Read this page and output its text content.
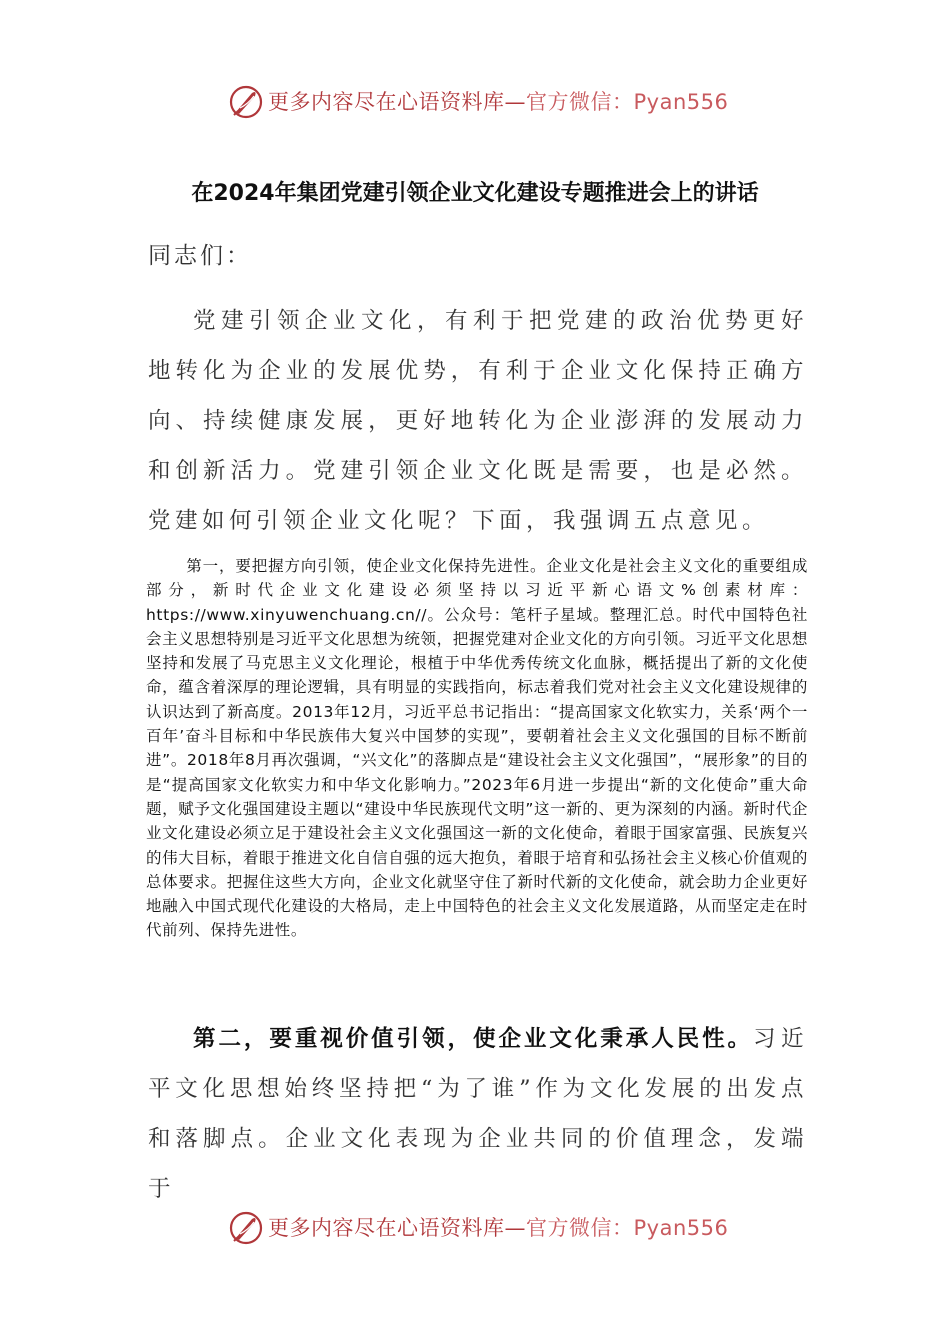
更多内容尽在心语资料库—官方微信：Pyan556
在2024年集团党建引领企业文化建设专题推进会上的讲话
同志们：

党建引领企业文化，有利于把党建的政治优势更好地转化为企业的发展优势，有利于企业文化保持正确方向、持续健康发展，更好地转化为企业澎湃的发展动力和创新活力。党建引领企业文化既是需要，也是必然。党建如何引领企业文化呢？下面，我强调五点意见。

第一，要把握方向引领，使企业文化保持先进性。企业文化是社会主义文化的重要组成部分，新时代企业文化建设必须坚持以习近平新心语文%创素材库：https://www.xinyuwenchuang.cn//。公众号：笔杆子星域。整理汇总。时代中国特色社会主义思想特别是习近平文化思想为统领，把握党建对企业文化的方向引领。习近平文化思想坚持和发展了马克思主义文化理论，根植于中华优秀传统文化血脉，概括提出了新的文化使命，蕴含着深厚的理论逻辑，具有明显的实践指向，标志着我们党对社会主义文化建设规律的认识达到了新高度。2013年12月，习近平总书记指出：“提高国家文化软实力，关系‘两个一百年’奋斗目标和中华民族伟大复兴中国梦的实现”，要朝着社会主义文化强国的目标不断前进”。2018年8月再次强调，“兴文化”的落脚点是“建设社会主义文化强国”，“展形象”的目的是“提高国家文化软实力和中华文化影响力。”2023年6月进一步提出“新的文化使命”重大命题，赋予文化强国建设主题以“建设中华民族现代文明”这一新的、更为深刻的内涵。新时代企业文化建设必须立足于建设社会主义文化强国这一新的文化使命，着眼于国家富强、民族复兴的伟大目标，着眼于推进文化自信自强的远大抱负，着眼于培育和弘扬社会主义核心价值观的总体要求。把握住这些大方向，企业文化就坚守住了新时代新的文化使命，就会助力企业更好地融入中国式现代化建设的大格局，走上中国特色的社会主义文化发展道路，从而坚定走在时代前列、保持先进性。

第二，要重视价值引领，使企业文化秉承人民性。习近平文化思想始终坚持把“为了谁”作为文化发展的出发点和落脚点。企业文化表现为企业共同的价值理念，发端于

更多内容尽在心语资料库—官方微信：Pyan556
